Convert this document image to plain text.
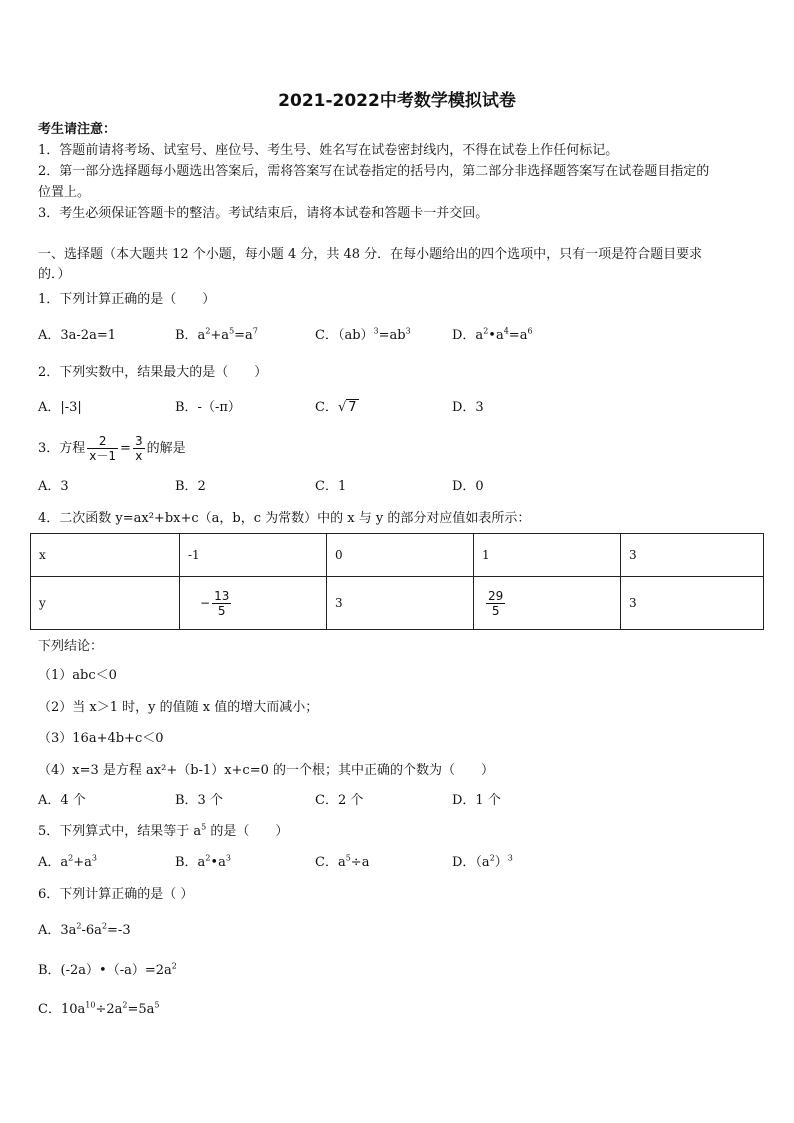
2021-2022中考数学模拟试卷
考生请注意：
1．答题前请将考场、试室号、座位号、考生号、姓名写在试卷密封线内，不得在试卷上作任何标记。
2．第一部分选择题每小题选出答案后，需将答案写在试卷指定的括号内，第二部分非选择题答案写在试卷题目指定的
位置上。
3．考生必须保证答题卡的整洁。考试结束后，请将本试卷和答题卡一并交回。
一、选择题（本大题共 12 个小题，每小题 4 分，共 48 分．在每小题给出的四个选项中，只有一项是符合题目要求
的．）
1．下列计算正确的是（　　）
A．3a-2a=1	B．$a^2+a^5=a^7$	C．$(ab)^3=ab^3$	D．$a^2•a^4=a^6$
2．下列实数中，结果最大的是（　　）
A．|-3|	B．-（-π）	C．√ 7	D．3
3．方程 $\frac{2}{x-1} = \frac{3}{x}$ 的解是
A．3	B．2	C．1	D．0
4．二次函数 y=ax²+bx+c（a，b，c 为常数）中的 x 与 y 的部分对应值如表所示：
x	-1	0	1	3
y	− $\frac{13}{5}$	3	$\frac{29}{5}$	3
下列结论：
（1）abc＜0
（2）当 x＞1 时，y 的值随 x 值的增大而减小；
（3）16a+4b+c＜0
（4）x=3 是方程 ax²+（b-1）x+c=0 的一个根；其中正确的个数为（　　）
A．4 个	B．3 个	C．2 个	D．1 个
5．下列算式中，结果等于 $a^5$ 的是（　　）
A．$a^2+a^3$	B．$a^2•a^3$	C．$a^5\div a$	D．$(a^2)^3$
6．下列计算正确的是（ ）
A．$3a^2-6a^2=-3$
B．$(-2a)•(-a)=2a^2$
C．$10a^{10}\div 2a^2=5a^5$
